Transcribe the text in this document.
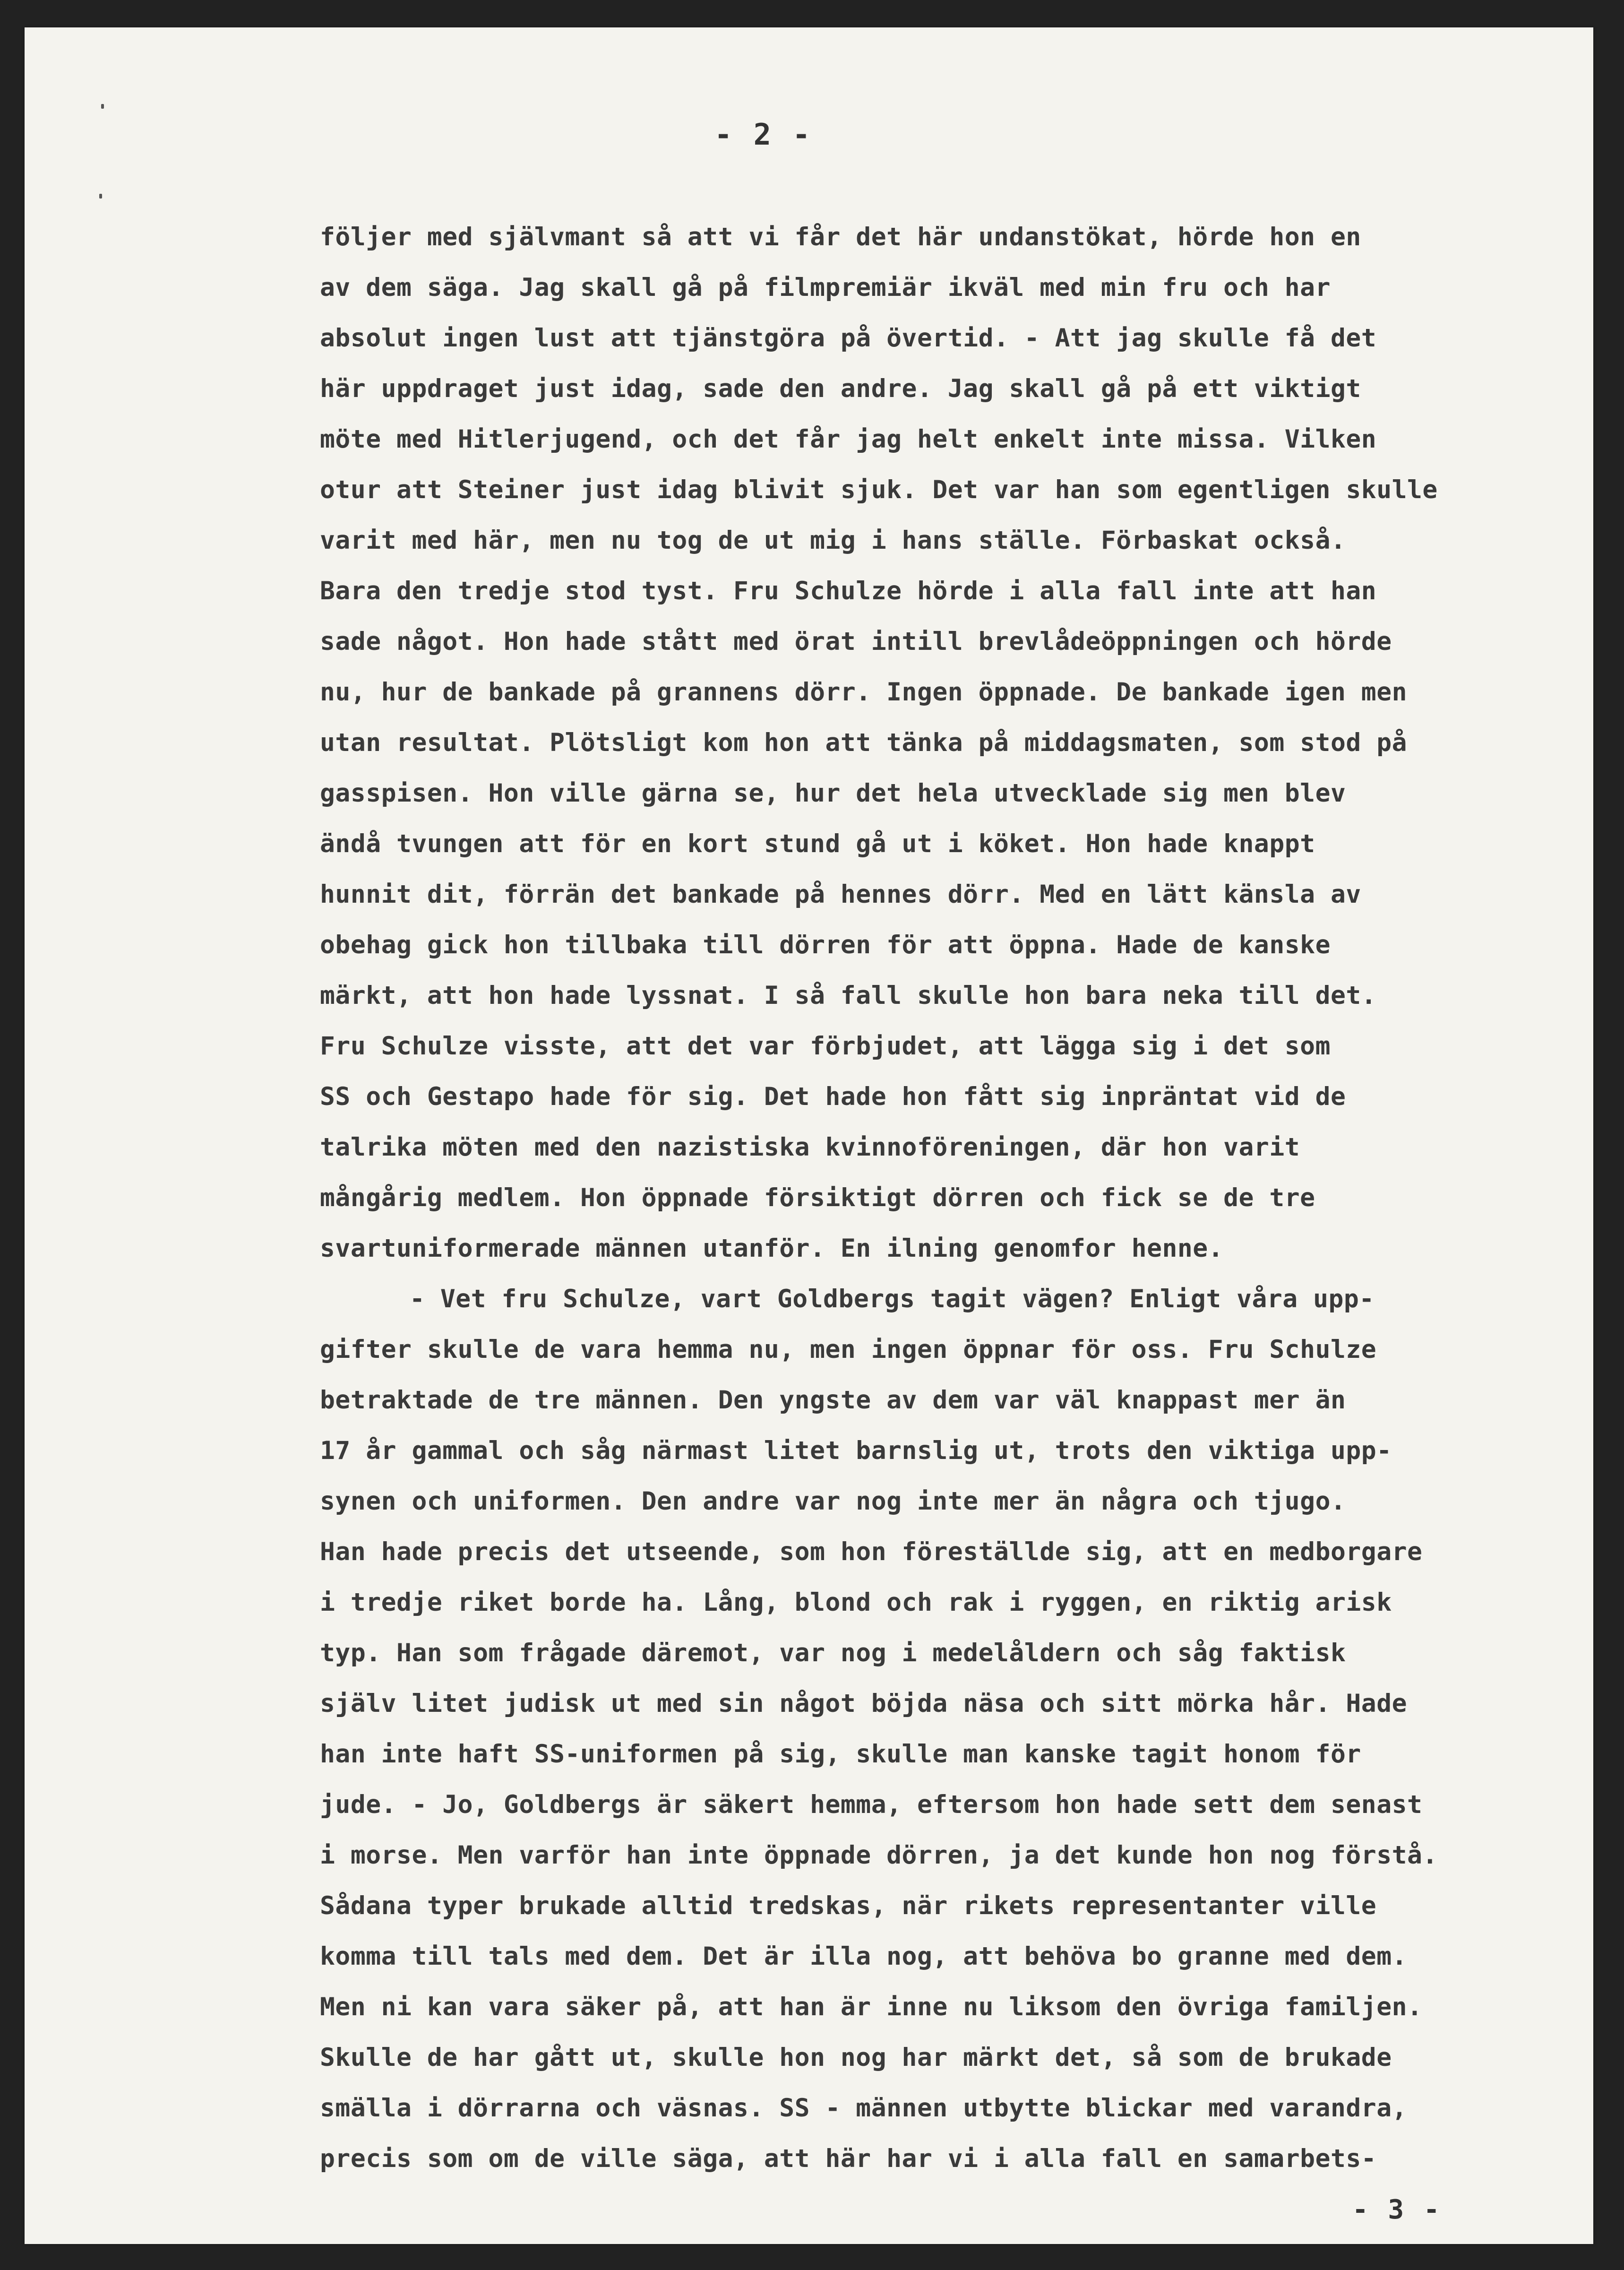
- 2 -
följer med självmant så att vi får det här undanstökat, hörde hon en
av dem säga. Jag skall gå på filmpremiär ikväl med min fru och har
absolut ingen lust att tjänstgöra på övertid. - Att jag skulle få det
här uppdraget just idag, sade den andre. Jag skall gå på ett viktigt
möte med Hitlerjugend, och det får jag helt enkelt inte missa. Vilken
otur att Steiner just idag blivit sjuk. Det var han som egentligen skulle
varit med här, men nu tog de ut mig i hans ställe. Förbaskat också.
Bara den tredje stod tyst. Fru Schulze hörde i alla fall inte att han
sade något. Hon hade stått med örat intill brevlådeöppningen och hörde
nu, hur de bankade på grannens dörr. Ingen öppnade. De bankade igen men
utan resultat. Plötsligt kom hon att tänka på middagsmaten, som stod på
gasspisen. Hon ville gärna se, hur det hela utvecklade sig men blev
ändå tvungen att för en kort stund gå ut i köket. Hon hade knappt
hunnit dit, förrän det bankade på hennes dörr. Med en lätt känsla av
obehag gick hon tillbaka till dörren för att öppna. Hade de kanske
märkt, att hon hade lyssnat. I så fall skulle hon bara neka till det.
Fru Schulze visste, att det var förbjudet, att lägga sig i det som
SS och Gestapo hade för sig. Det hade hon fått sig inpräntat vid de
talrika möten med den nazistiska kvinnoföreningen, där hon varit
mångårig medlem. Hon öppnade försiktigt dörren och fick se de tre
svartuniformerade männen utanför. En ilning genomfor henne.
- Vet fru Schulze, vart Goldbergs tagit vägen? Enligt våra upp-
gifter skulle de vara hemma nu, men ingen öppnar för oss. Fru Schulze
betraktade de tre männen. Den yngste av dem var väl knappast mer än
17 år gammal och såg närmast litet barnslig ut, trots den viktiga upp-
synen och uniformen. Den andre var nog inte mer än några och tjugo.
Han hade precis det utseende, som hon föreställde sig, att en medborgare
i tredje riket borde ha. Lång, blond och rak i ryggen, en riktig arisk
typ. Han som frågade däremot, var nog i medelåldern och såg faktisk
själv litet judisk ut med sin något böjda näsa och sitt mörka hår. Hade
han inte haft SS-uniformen på sig, skulle man kanske tagit honom för
jude. - Jo, Goldbergs är säkert hemma, eftersom hon hade sett dem senast
i morse. Men varför han inte öppnade dörren, ja det kunde hon nog förstå.
Sådana typer brukade alltid tredskas, när rikets representanter ville
komma till tals med dem. Det är illa nog, att behöva bo granne med dem.
Men ni kan vara säker på, att han är inne nu liksom den övriga familjen.
Skulle de har gått ut, skulle hon nog har märkt det, så som de brukade
smälla i dörrarna och väsnas. SS - männen utbytte blickar med varandra,
precis som om de ville säga, att här har vi i alla fall en samarbets-
- 3 -
